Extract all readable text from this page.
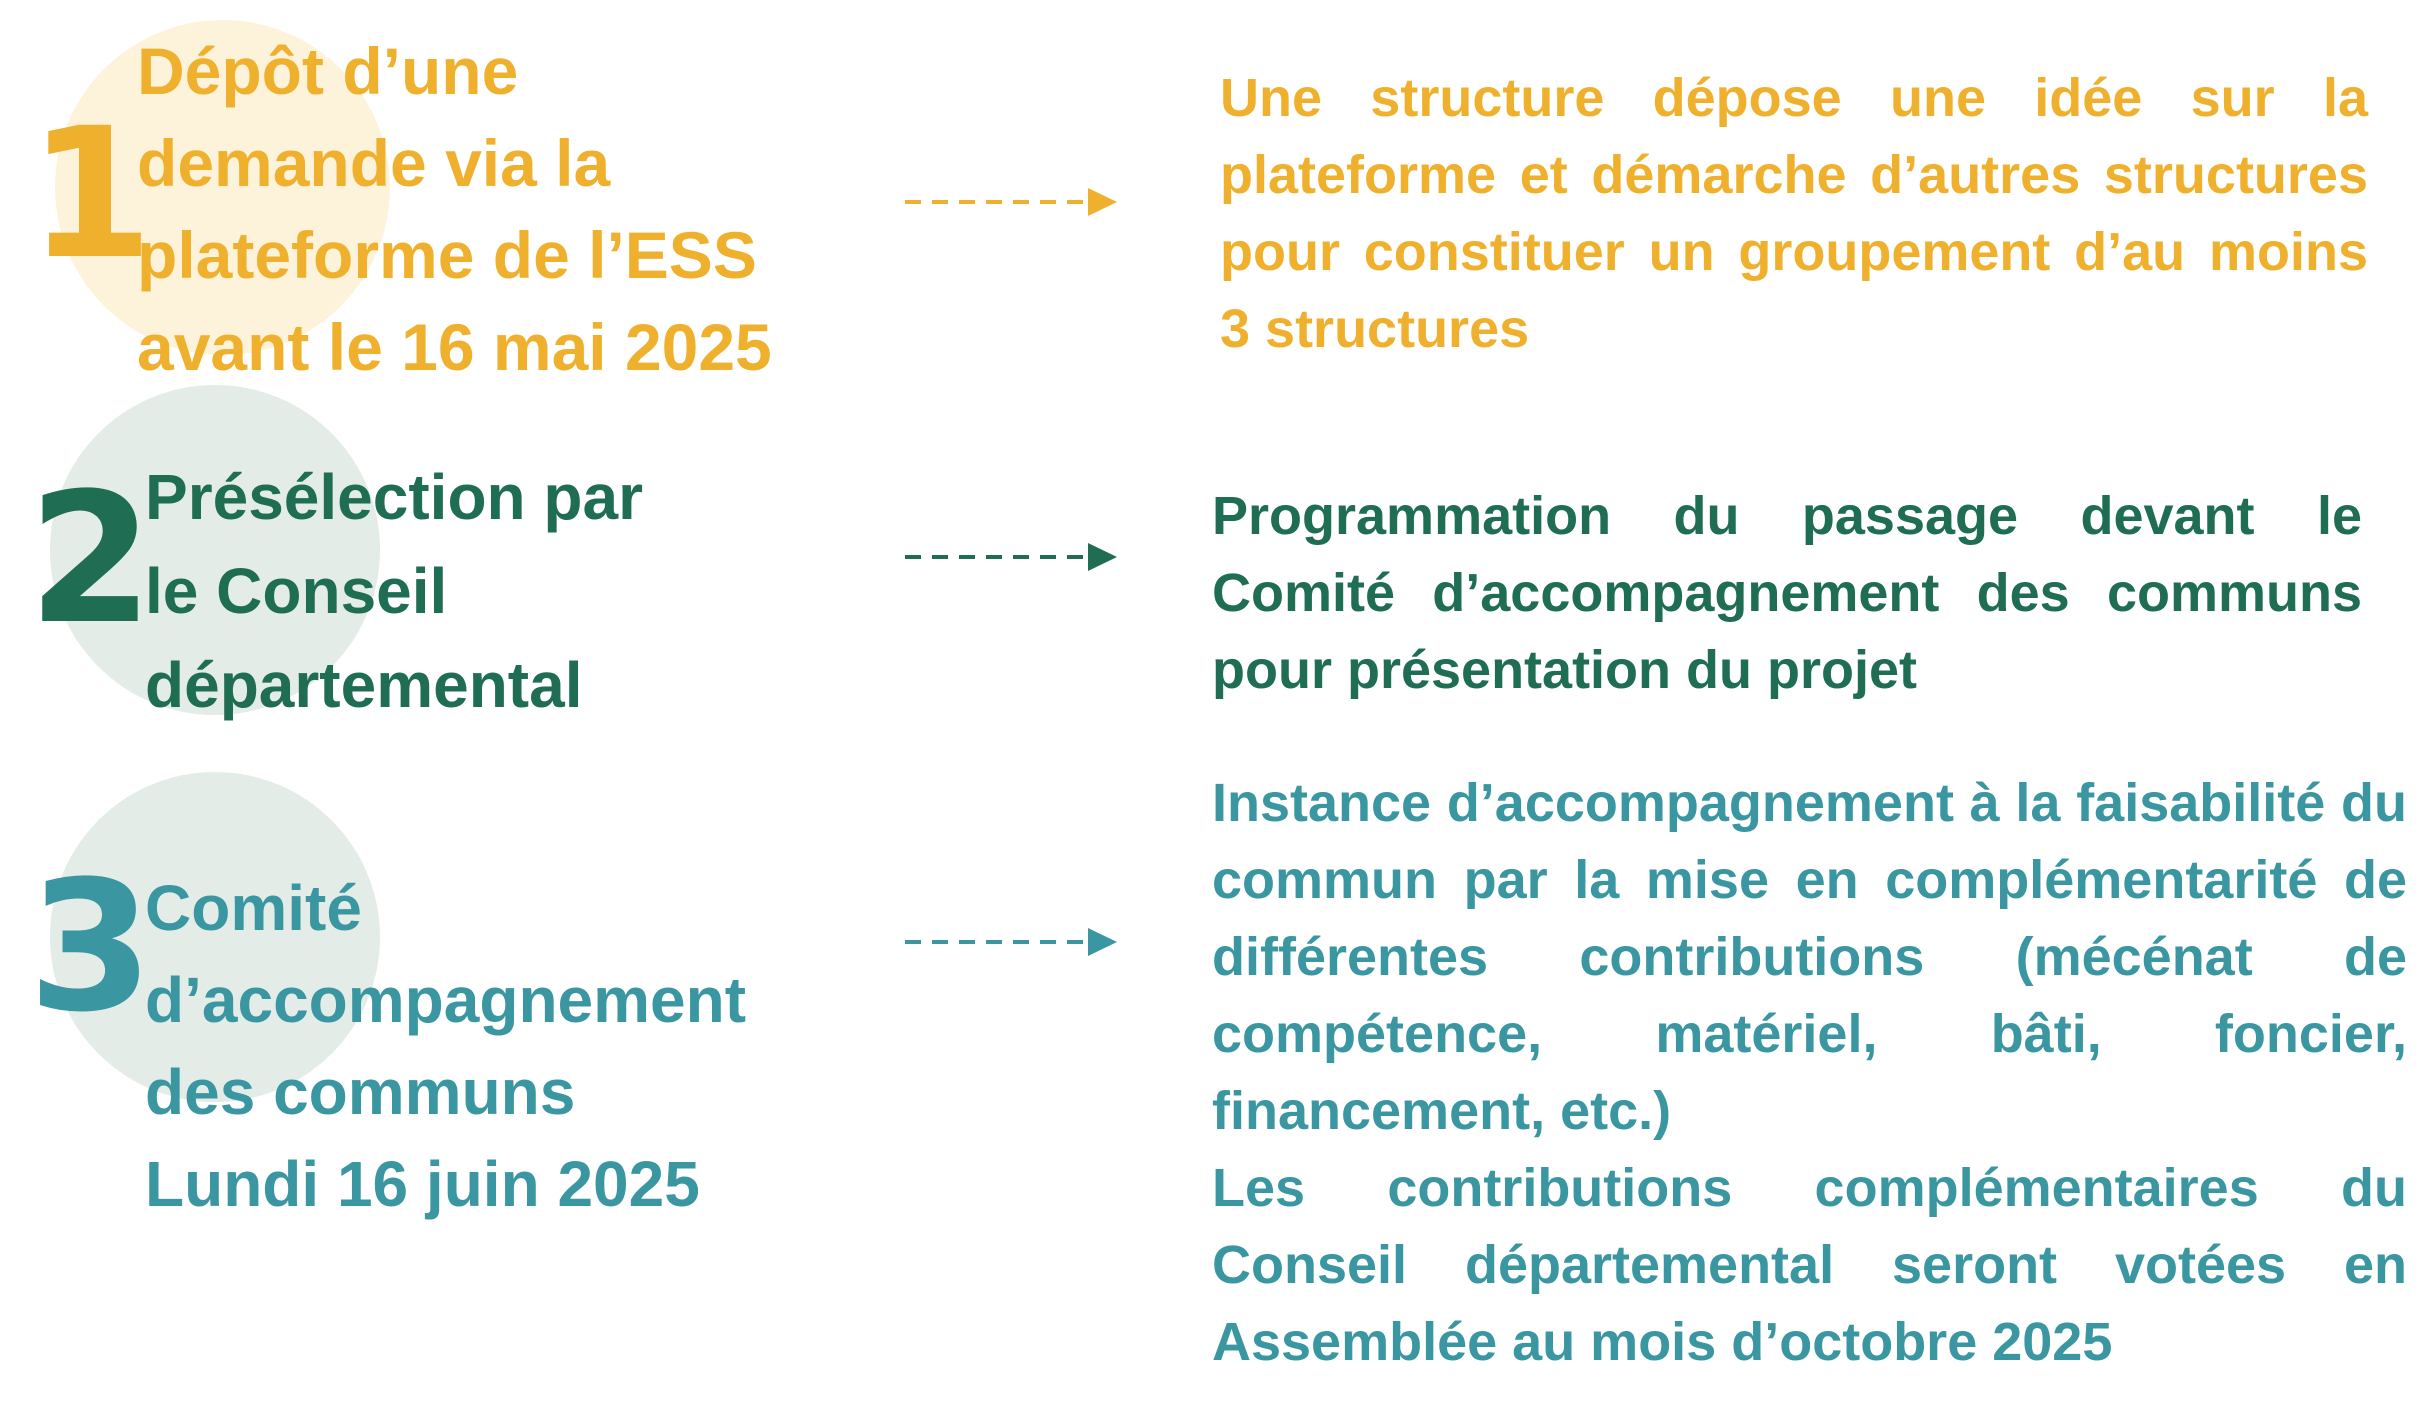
1
Dépôt d’une
demande via la
plateforme de l’ESS
avant le 16 mai 2025
Une structure dépose une idée sur la plateforme et démarche d’autres structures pour constituer un groupement d’au moins 3 structures
2
Présélection par
le Conseil
départemental
Programmation du passage devant le Comité d’accompagnement des communs pour présentation du projet
3
Comité
d’accompagnement
des communs
Lundi 16 juin 2025
Instance d’accompagnement à la faisabilité du commun par la mise en complémentarité de différentes contributions (mécénat de compétence, matériel, bâti, foncier, financement, etc.)
Les contributions complémentaires du Conseil départemental seront votées en Assemblée au mois d’octobre 2025
